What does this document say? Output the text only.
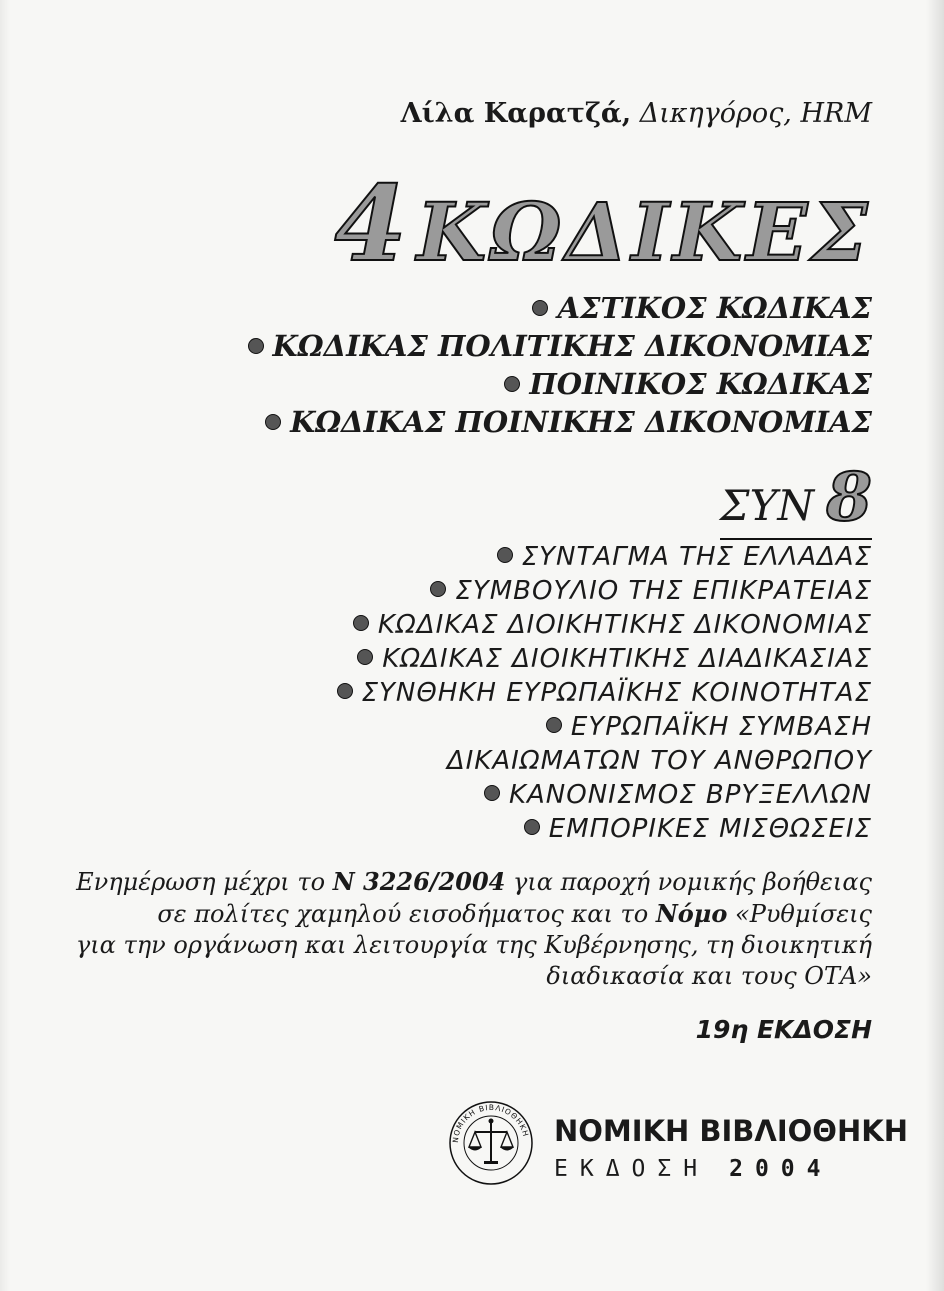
Λίλα Καρατζά, Δικηγόρος, HRM
4 ΚΩΔΙΚΕΣ
ΑΣΤΙΚΟΣ ΚΩΔΙΚΑΣ
ΚΩΔΙΚΑΣ ΠΟΛΙΤΙΚΗΣ ΔΙΚΟΝΟΜΙΑΣ
ΠΟΙΝΙΚΟΣ ΚΩΔΙΚΑΣ
ΚΩΔΙΚΑΣ ΠΟΙΝΙΚΗΣ ΔΙΚΟΝΟΜΙΑΣ
ΣΥΝ 8
ΣΥΝΤΑΓΜΑ ΤΗΣ ΕΛΛΑΔΑΣ
ΣΥΜΒΟΥΛΙΟ ΤΗΣ ΕΠΙΚΡΑΤΕΙΑΣ
ΚΩΔΙΚΑΣ ΔΙΟΙΚΗΤΙΚΗΣ ΔΙΚΟΝΟΜΙΑΣ
ΚΩΔΙΚΑΣ ΔΙΟΙΚΗΤΙΚΗΣ ΔΙΑΔΙΚΑΣΙΑΣ
ΣΥΝΘΗΚΗ ΕΥΡΩΠΑΪΚΗΣ ΚΟΙΝΟΤΗΤΑΣ
ΕΥΡΩΠΑΪΚΗ ΣΥΜΒΑΣΗ
ΔΙΚΑΙΩΜΑΤΩΝ ΤΟΥ ΑΝΘΡΩΠΟΥ
ΚΑΝΟΝΙΣΜΟΣ ΒΡΥΞΕΛΛΩΝ
ΕΜΠΟΡΙΚΕΣ ΜΙΣΘΩΣΕΙΣ
Ενημέρωση μέχρι το Ν 3226/2004 για παροχή νομικής βοήθειας
σε πολίτες χαμηλού εισοδήματος και το Νόμο «Ρυθμίσεις
για την οργάνωση και λειτουργία της Κυβέρνησης, τη διοικητική
διαδικασία και τους ΟΤΑ»
19η ΕΚΔΟΣΗ
ΝΟΜΙΚΗ ΒΙΒΛΙΟΘΗΚΗ ΝΟΜΙΚΗ ΒΙΒΛΙΟΘΗΚΗ
ΕΚΔΟΣΗ 2004
